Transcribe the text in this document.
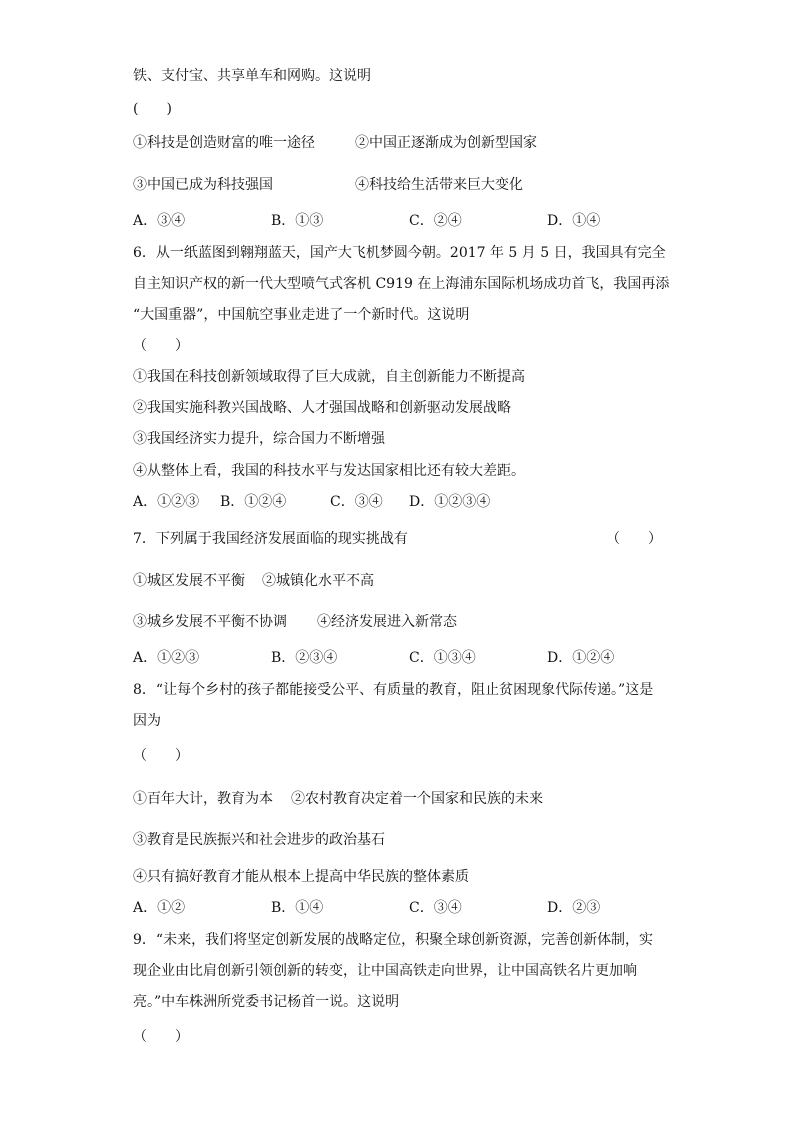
铁、支付宝、共享单车和网购。这说明
(　　)
①科技是创造财富的唯一途径	②中国正逐渐成为创新型国家
③中国已成为科技强国	④科技给生活带来巨大变化
A．③④	B．①③	C．②④	D．①④
6．从一纸蓝图到翱翔蓝天，国产大飞机梦圆今朝。2017 年 5 月 5 日，我国具有完全
自主知识产权的新一代大型喷气式客机 C919 在上海浦东国际机场成功首飞，我国再添
“大国重器”，中国航空事业走进了一个新时代。这说明
（　　）
①我国在科技创新领域取得了巨大成就，自主创新能力不断提高
②我国实施科教兴国战略、人才强国战略和创新驱动发展战略
③我国经济实力提升，综合国力不断增强
④从整体上看，我国的科技水平与发达国家相比还有较大差距。
A．①②③ B．①②④	C．③④ D．①②③④
7．下列属于我国经济发展面临的现实挑战有	（　　）
①城区发展不平衡 ②城镇化水平不高
③城乡发展不平衡不协调 ④经济发展进入新常态
A．①②③	B．②③④	C．①③④	D．①②④
8．“让每个乡村的孩子都能接受公平、有质量的教育，阻止贫困现象代际传递。”这是
因为
（　　）
①百年大计，教育为本 ②农村教育决定着一个国家和民族的未来
③教育是民族振兴和社会进步的政治基石
④只有搞好教育才能从根本上提高中华民族的整体素质
A．①②	B．①④	C．③④	D．②③
9．“未来，我们将坚定创新发展的战略定位，积聚全球创新资源，完善创新体制，实
现企业由比肩创新引领创新的转变，让中国高铁走向世界，让中国高铁名片更加响
亮。”中车株洲所党委书记杨首一说。这说明
（　　）
